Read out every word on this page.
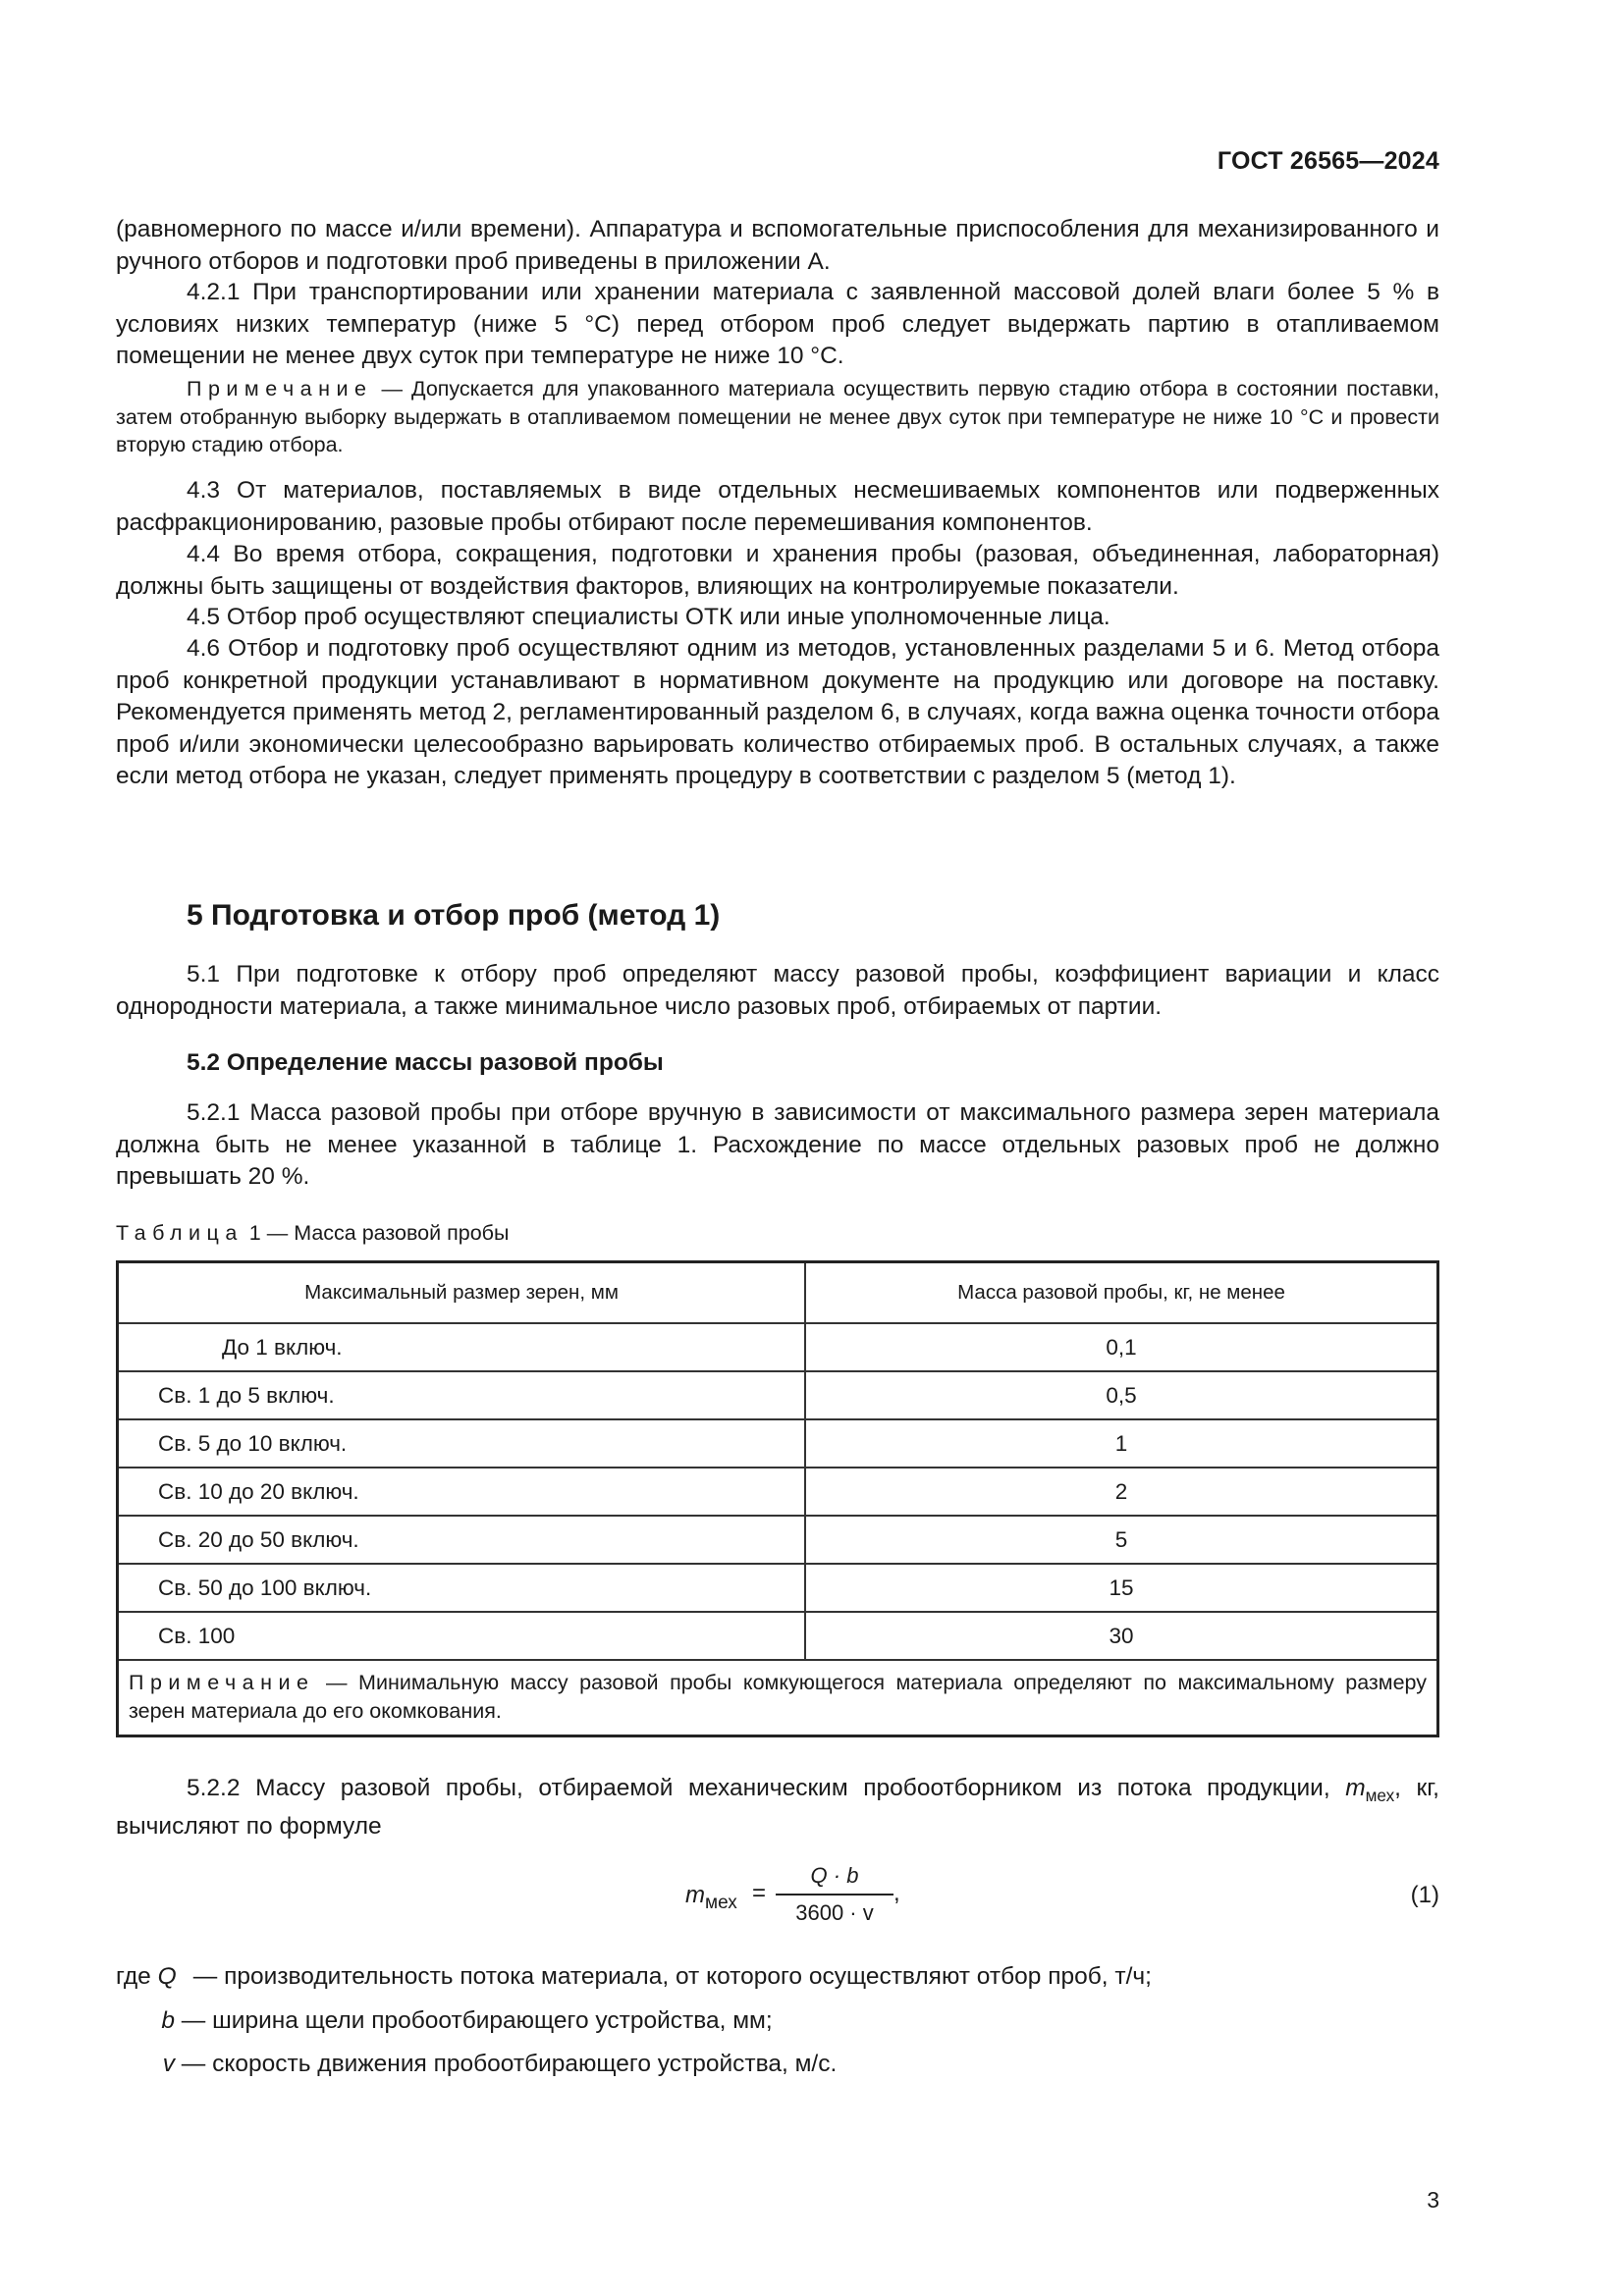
ГОСТ 26565—2024

(равномерного по массе и/или времени). Аппаратура и вспомогательные приспособления для механизированного и ручного отборов и подготовки проб приведены в приложении А.

4.2.1 При транспортировании или хранении материала с заявленной массовой долей влаги более 5 % в условиях низких температур (ниже 5 °C) перед отбором проб следует выдержать партию в отапливаемом помещении не менее двух суток при температуре не ниже 10 °C.

Примечание — Допускается для упакованного материала осуществить первую стадию отбора в состоянии поставки, затем отобранную выборку выдержать в отапливаемом помещении не менее двух суток при температуре не ниже 10 °C и провести вторую стадию отбора.

4.3 От материалов, поставляемых в виде отдельных несмешиваемых компонентов или подверженных расфракционированию, разовые пробы отбирают после перемешивания компонентов.

4.4 Во время отбора, сокращения, подготовки и хранения пробы (разовая, объединенная, лабораторная) должны быть защищены от воздействия факторов, влияющих на контролируемые показатели.

4.5 Отбор проб осуществляют специалисты ОТК или иные уполномоченные лица.

4.6 Отбор и подготовку проб осуществляют одним из методов, установленных разделами 5 и 6. Метод отбора проб конкретной продукции устанавливают в нормативном документе на продукцию или договоре на поставку. Рекомендуется применять метод 2, регламентированный разделом 6, в случаях, когда важна оценка точности отбора проб и/или экономически целесообразно варьировать количество отбираемых проб. В остальных случаях, а также если метод отбора не указан, следует применять процедуру в соответствии с разделом 5 (метод 1).

5 Подготовка и отбор проб (метод 1)

5.1 При подготовке к отбору проб определяют массу разовой пробы, коэффициент вариации и класс однородности материала, а также минимальное число разовых проб, отбираемых от партии.

5.2 Определение массы разовой пробы

5.2.1 Масса разовой пробы при отборе вручную в зависимости от максимального размера зерен материала должна быть не менее указанной в таблице 1. Расхождение по массе отдельных разовых проб не должно превышать 20 %.

Таблица 1 — Масса разовой пробы
Максимальный размер зерен, мм	Масса разовой пробы, кг, не менее
До 1 включ.	0,1
Св. 1 до 5 включ.	0,5
Св. 5 до 10 включ.	1
Св. 10 до 20 включ.	2
Св. 20 до 50 включ.	5
Св. 50 до 100 включ.	15
Св. 100	30
Примечание — Минимальную массу разовой пробы комкующегося материала определяют по максимальному размеру зерен материала до его окомкования.	

5.2.2 Массу разовой пробы, отбираемой механическим пробоотборником из потока продукции, $m_{мех}$, кг, вычисляют по формуле

$m_{мех}$ =
Q · b
3600 · v
,	(1)
где Q — производительность потока материала, от которого осуществляют отбор проб, т/ч;
b — ширина щели пробоотбирающего устройства, мм;
v — скорость движения пробоотбирающего устройства, м/с.
3
